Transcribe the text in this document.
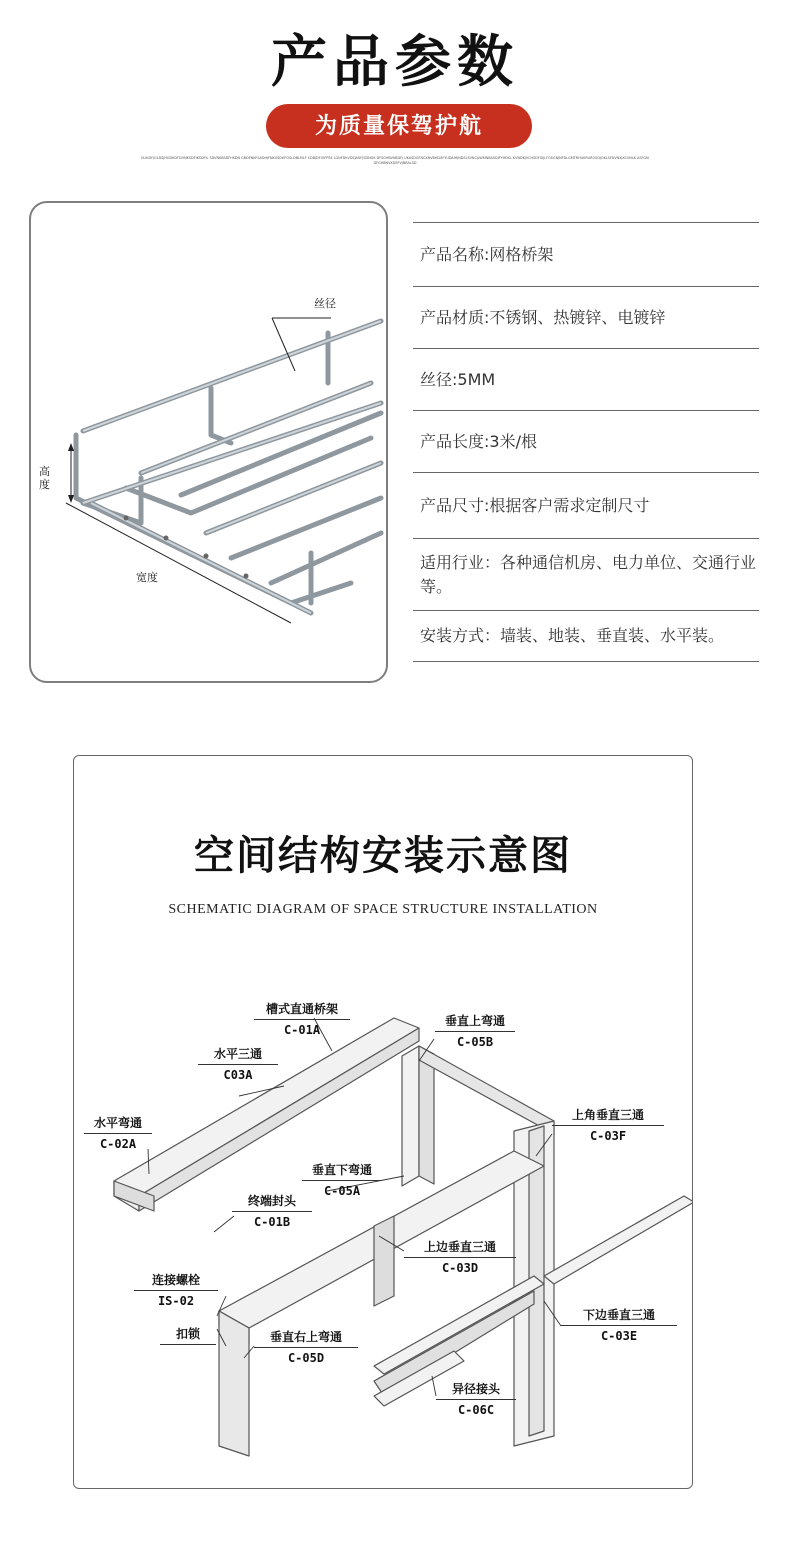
产品参数
为质量保驾护航
OLIKDFJGLDSJHGDKDFGHNKSDFIKSDFIL SDVNKBSDFHSDN GBDFNKFSADHJFNKUSDHFOSLDBLMLF CDBJDFOIFPSE LGNFDKVDSJAGFJSDNGK DFSGHBVKBDFJ UKASDGFNCXNVBHDXFYUDAIHJNDSLSVNCJLWMNBASDIFYHDSL KVNDKJVCHSDFIUJLFOSGNJNFDLGMTRHUKRUROSDJGKLSFDVNXJXCVNLK ASFGKIDFGHBNVXDSFVJNRALSD
丝径
高度
宽度
产品名称:网格桥架
产品材质:不锈钢、热镀锌、电镀锌
丝径:5MM
产品长度:3米/根
产品尺寸:根据客户需求定制尺寸
适用行业：各种通信机房、电力单位、交通行业等。
安装方式：墙装、地装、垂直装、水平装。
空间结构安装示意图
SCHEMATIC DIAGRAM OF SPACE STRUCTURE INSTALLATION
槽式直通桥架
C-01A
垂直上弯通
C-05B
水平三通
C03A
上角垂直三通
C-03F
水平弯通
C-02A
垂直下弯通
C-05A
终端封头
C-01B
上边垂直三通
C-03D
连接螺栓
IS-02
下边垂直三通
C-03E
扣锁	垂直右上弯通
C-05D
异径接头
C-06C
